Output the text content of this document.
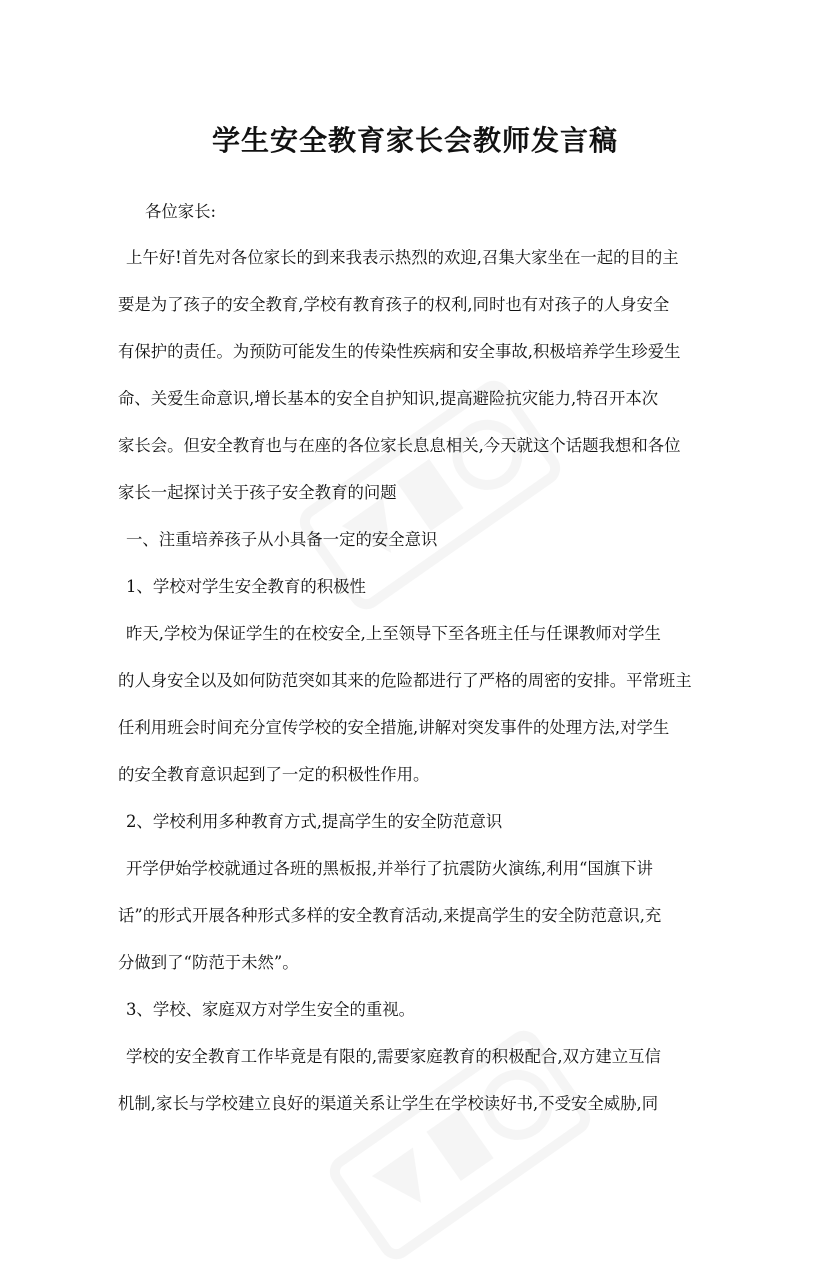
学生安全教育家长会教师发言稿
各位家长:
上午好!首先对各位家长的到来我表示热烈的欢迎,召集大家坐在一起的目的主
要是为了孩子的安全教育,学校有教育孩子的权利,同时也有对孩子的人身安全
有保护的责任。为预防可能发生的传染性疾病和安全事故,积极培养学生珍爱生
命、关爱生命意识,增长基本的安全自护知识,提高避险抗灾能力,特召开本次
家长会。但安全教育也与在座的各位家长息息相关,今天就这个话题我想和各位
家长一起探讨关于孩子安全教育的问题
一、注重培养孩子从小具备一定的安全意识
1、学校对学生安全教育的积极性
昨天,学校为保证学生的在校安全,上至领导下至各班主任与任课教师对学生
的人身安全以及如何防范突如其来的危险都进行了严格的周密的安排。平常班主
任利用班会时间充分宣传学校的安全措施,讲解对突发事件的处理方法,对学生
的安全教育意识起到了一定的积极性作用。
2、学校利用多种教育方式,提高学生的安全防范意识
开学伊始学校就通过各班的黑板报,并举行了抗震防火演练,利用“国旗下讲
话”的形式开展各种形式多样的安全教育活动,来提高学生的安全防范意识,充
分做到了“防范于未然”。
3、学校、家庭双方对学生安全的重视。
学校的安全教育工作毕竟是有限的,需要家庭教育的积极配合,双方建立互信
机制,家长与学校建立良好的渠道关系让学生在学校读好书,不受安全威胁,同
